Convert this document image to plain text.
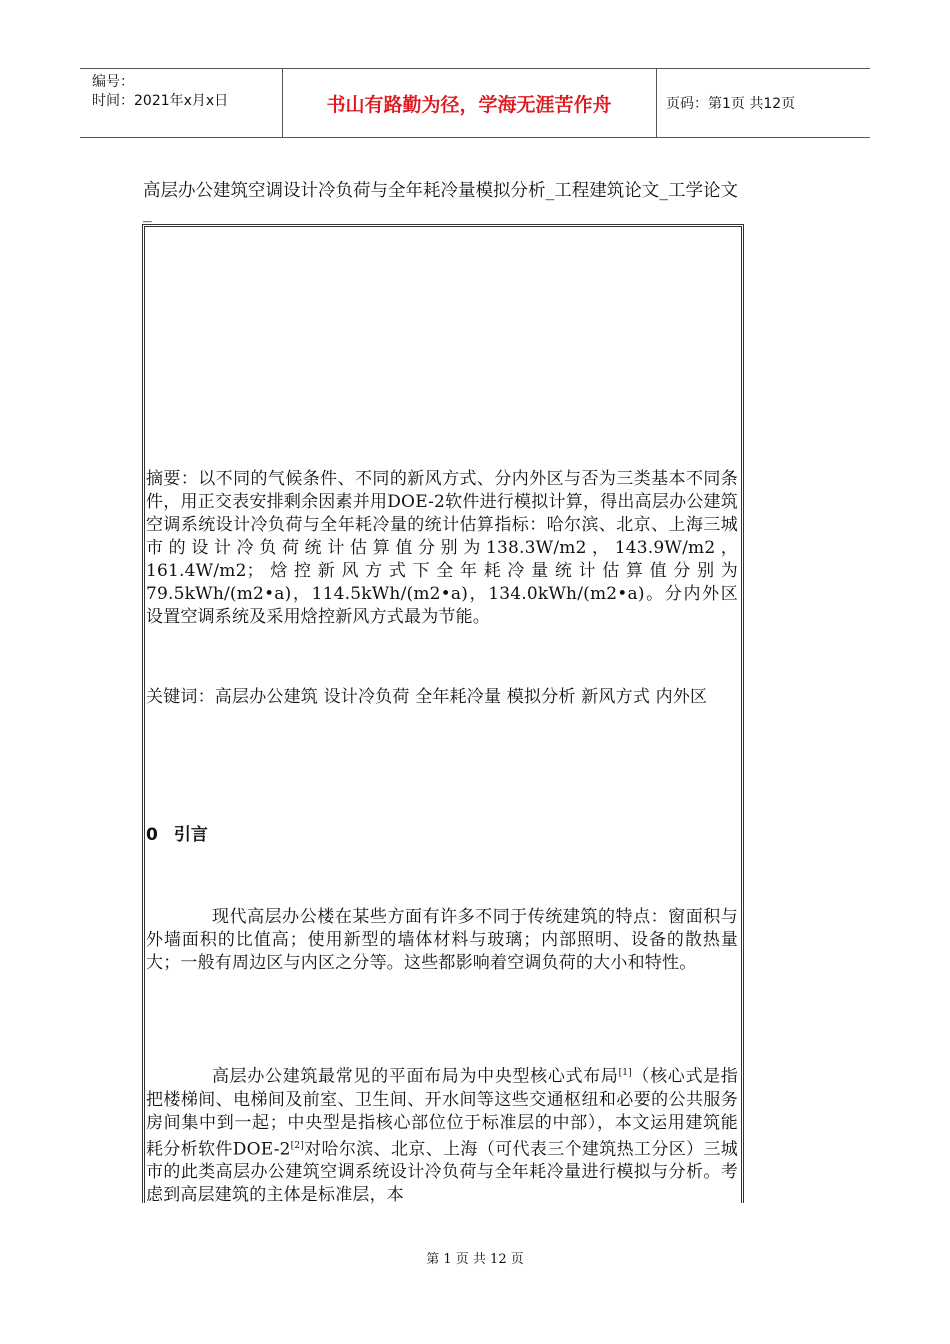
编号：
时间：2021年x月x日	书山有路勤为径，学海无涯苦作舟	页码：第1页 共12页
高层办公建筑空调设计冷负荷与全年耗冷量模拟分析_工程建筑论文_工学论文_
摘要：以不同的气候条件、不同的新风方式、分内外区与否为三类基本不同条件，用正交表安排剩余因素并用DOE-2软件进行模拟计算，得出高层办公建筑空调系统设计冷负荷与全年耗冷量的统计估算指标：哈尔滨、北京、上海三城市的设计冷负荷统计估算值分别为138.3W/m2，143.9W/m2，161.4W/m2；焓控新风方式下全年耗冷量统计估算值分别为79.5kWh/(m2•a)，114.5kWh/(m2•a)，134.0kWh/(m2•a)。分内外区设置空调系统及采用焓控新风方式最为节能。
关键词：高层办公建筑 设计冷负荷 全年耗冷量 模拟分析 新风方式 内外区
0 引言
现代高层办公楼在某些方面有许多不同于传统建筑的特点：窗面积与外墙面积的比值高；使用新型的墙体材料与玻璃；内部照明、设备的散热量大；一般有周边区与内区之分等。这些都影响着空调负荷的大小和特性。
高层办公建筑最常见的平面布局为中央型核心式布局[1]（核心式是指把楼梯间、电梯间及前室、卫生间、开水间等这些交通枢纽和必要的公共服务房间集中到一起；中央型是指核心部位位于标准层的中部），本文运用建筑能耗分析软件DOE-2[2]对哈尔滨、北京、上海（可代表三个建筑热工分区）三城市的此类高层办公建筑空调系统设计冷负荷与全年耗冷量进行模拟与分析。考虑到高层建筑的主体是标准层，本
第 1 页 共 12 页
